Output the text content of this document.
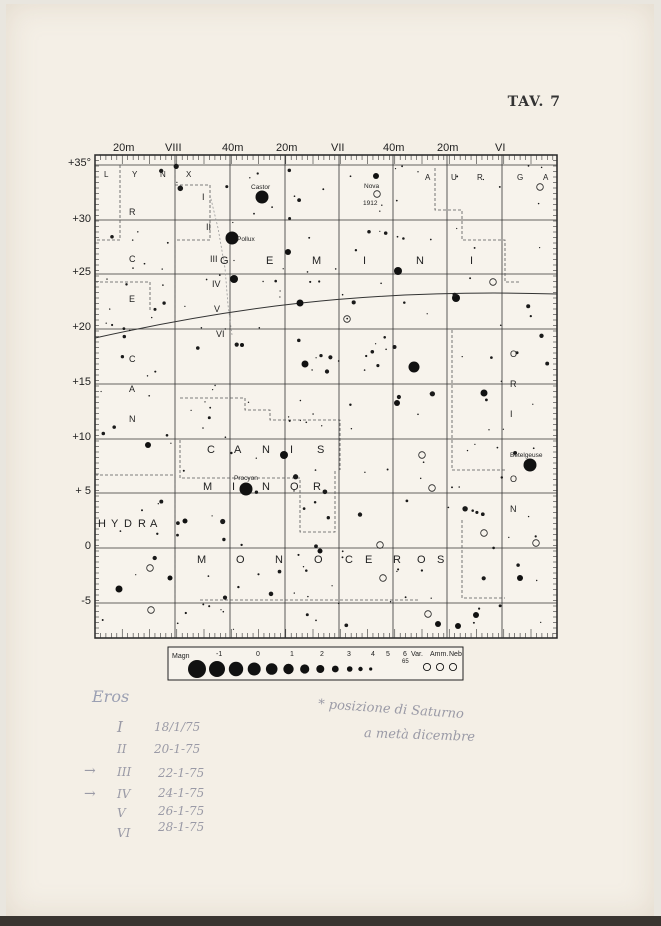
TAV. 7
20m	VIII	40m	20m	VII	40m	20m	VI
+35°
+30
+25
+20
+15
+10
+ 5
0
-5
L	Y	N X	A U R	G A
G	E	M	I	N	I
C A N I S
M I N O R
H Y D R A
M	O	N	O C E R O S
O
R
I
O
N
C
A
N
C
E
R
Castor
Pollux
Procyon
Betelgeuse
Nova
1912
I
II
III
IV
V
VI
Magn	-1	0	1	2	3	4 5 6 Var. Amm. Neb.
65
Eros
I	18/1/75
II 20-1-75
→ III 22-1-75
→ IV 24-1-75
V	26-1-75
VI 28-1-75
* posizione di Saturno
a metà dicembre
